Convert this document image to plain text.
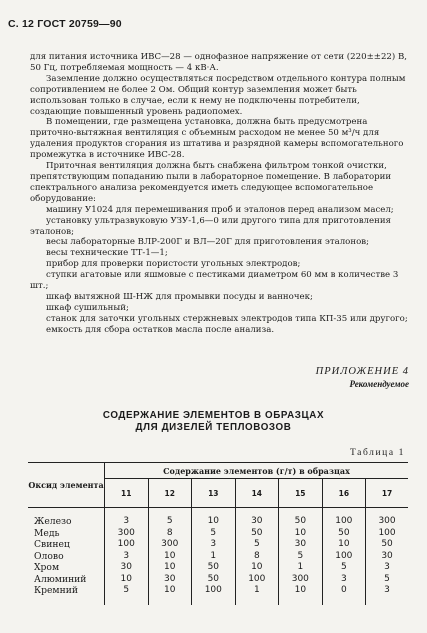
С. 12 ГОСТ 20759—90

для питания источника ИВС—28 — однофазное напряжение от сети (220±±22) В, 50 Гц, потребляемая мощность — 4 кВ·А.

Заземление должно осуществляться посредством отдельного контура полным сопротивлением не более 2 Ом. Общий контур заземления может быть использован только в случае, если к нему не подключены потребители, создающие повышенный уровень радиопомех.

В помещении, где размещена установка, должна быть предусмотрена приточно-вытяжная вентиляция с объемным расходом не менее 50 м³/ч для удаления продуктов сгорания из штатива и разрядной камеры вспомогательного промежутка в источнике ИВС-28.

Приточная вентиляция должна быть снабжена фильтром тонкой очистки, препятствующим попаданию пыли в лабораторное помещение. В лаборатории спектрального анализа рекомендуется иметь следующее вспомогательное оборудование:

машину У1024 для перемешивания проб и эталонов перед анализом масел;

установку ультразвуковую УЗУ-1,6—0 или другого типа для приготовления эталонов;

весы лабораторные ВЛР-200Г и ВЛ—20Г для приготовления эталонов;

весы технические ТТ-1—1;

прибор для проверки пористости угольных электродов;

ступки агатовые или яшмовые с пестиками диаметром 60 мм в количестве 3 шт.;

шкаф вытяжной Ш-НЖ для промывки посуды и ванночек;

шкаф сушильный;

станок для заточки угольных стержневых электродов типа КП-35 или другого;

емкость для сбора остатков масла после анализа.

ПРИЛОЖЕНИЕ 4
Рекомендуемое
СОДЕРЖАНИЕ ЭЛЕМЕНТОВ В ОБРАЗЦАХ
ДЛЯ ДИЗЕЛЕЙ ТЕПЛОВОЗОВ
Таблица 1
Оксид элемента	Содержание элементов (г/т) в образцах						
	11	12	13	14	15	16	17

Железо	3	5	10	30	50	100	300
Медь	300	8	5	50	10	50	100
Свинец	100	300	3	5	30	10	50
Олово	3	10	1	8	5	100	30
Хром	30	10	50	10	1	5	3
Алюминий	10	30	50	100	300	3	5
Кремний	5	10	100	1	10	0	3
